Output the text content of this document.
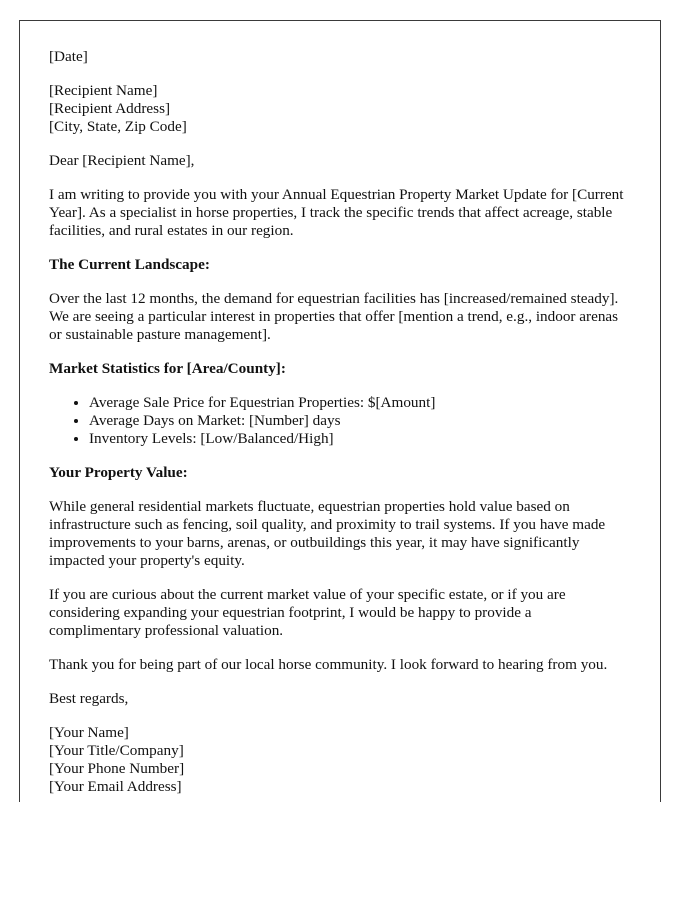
[Date]

[Recipient Name]
[Recipient Address]
[City, State, Zip Code]

Dear [Recipient Name],

I am writing to provide you with your Annual Equestrian Property Market Update for [Current Year]. As a specialist in horse properties, I track the specific trends that affect acreage, stable facilities, and rural estates in our region.

The Current Landscape:

Over the last 12 months, the demand for equestrian facilities has [increased/remained steady]. We are seeing a particular interest in properties that offer [mention a trend, e.g., indoor arenas or sustainable pasture management].

Market Statistics for [Area/County]:

• Average Sale Price for Equestrian Properties: $[Amount]
• Average Days on Market: [Number] days
• Inventory Levels: [Low/Balanced/High]

Your Property Value:

While general residential markets fluctuate, equestrian properties hold value based on infrastructure such as fencing, soil quality, and proximity to trail systems. If you have made improvements to your barns, arenas, or outbuildings this year, it may have significantly impacted your property's equity.

If you are curious about the current market value of your specific estate, or if you are considering expanding your equestrian footprint, I would be happy to provide a complimentary professional valuation.

Thank you for being part of our local horse community. I look forward to hearing from you.

Best regards,

[Your Name]
[Your Title/Company]
[Your Phone Number]
[Your Email Address]
